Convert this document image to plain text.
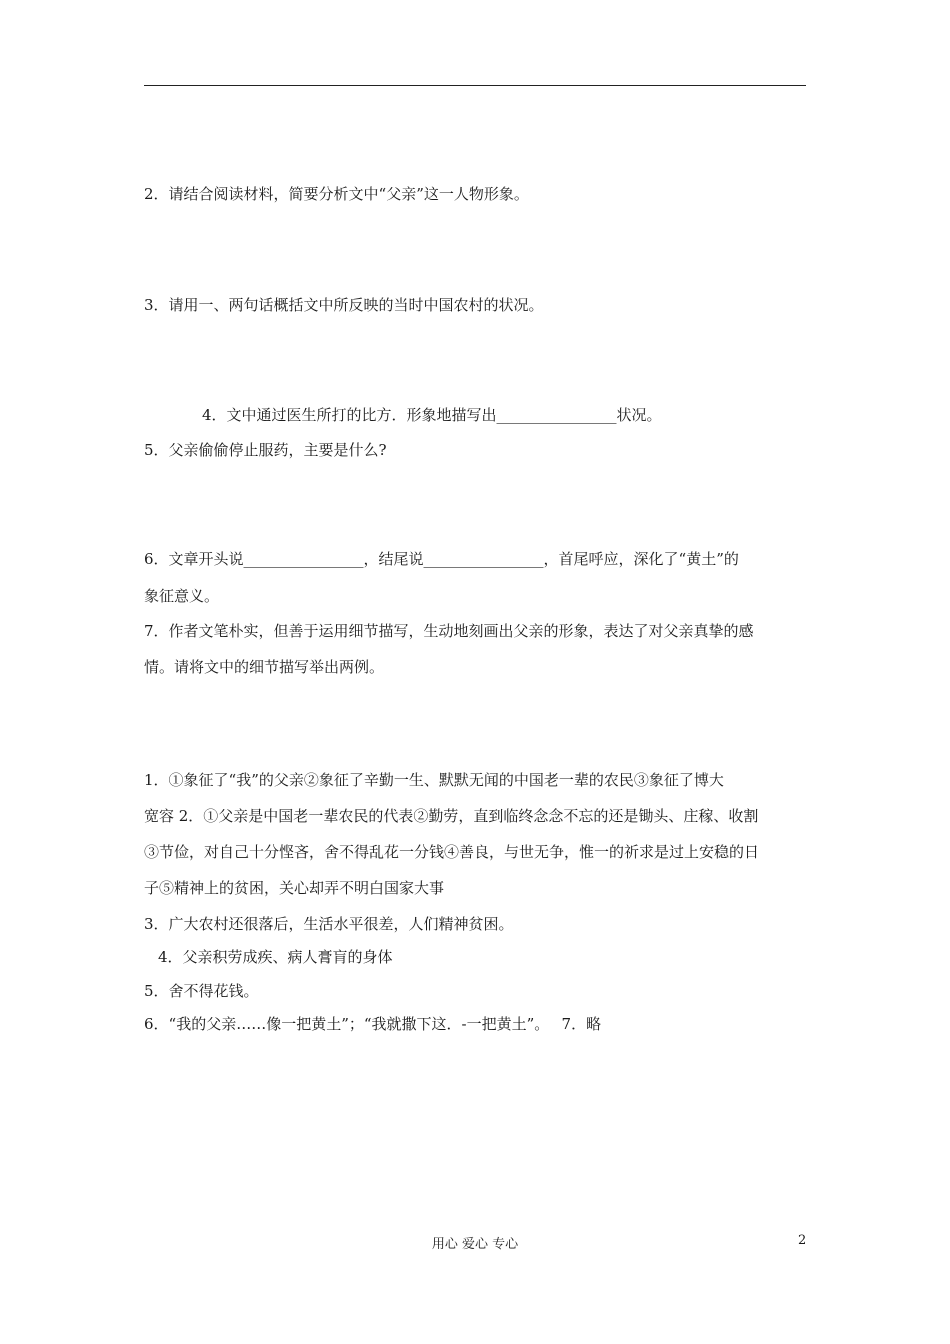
2．请结合阅读材料，简要分析文中“父亲”这一人物形象。
3．请用一、两句话概括文中所反映的当时中国农村的状况。
4．文中通过医生所打的比方．形象地描写出________________状况。
5．父亲偷偷停止服药，主要是什么?
6．文章开头说________________，结尾说________________，首尾呼应，深化了“黄土”的
象征意义。
7．作者文笔朴实，但善于运用细节描写，生动地刻画出父亲的形象，表达了对父亲真挚的感
情。请将文中的细节描写举出两例。
1．①象征了“我”的父亲②象征了辛勤一生、默默无闻的中国老一辈的农民③象征了博大
宽容 2．①父亲是中国老一辈农民的代表②勤劳，直到临终念念不忘的还是锄头、庄稼、收割
③节俭，对自己十分悭吝，舍不得乱花一分钱④善良，与世无争，惟一的祈求是过上安稳的日
子⑤精神上的贫困，关心却弄不明白国家大事
3．广大农村还很落后，生活水平很差，人们精神贫困。
4．父亲积劳成疾、病人膏肓的身体
5．舍不得花钱。
6．“我的父亲……像一把黄土”；“我就撒下这．-一把黄土”。　 7．略
用心 爱心 专心	2
